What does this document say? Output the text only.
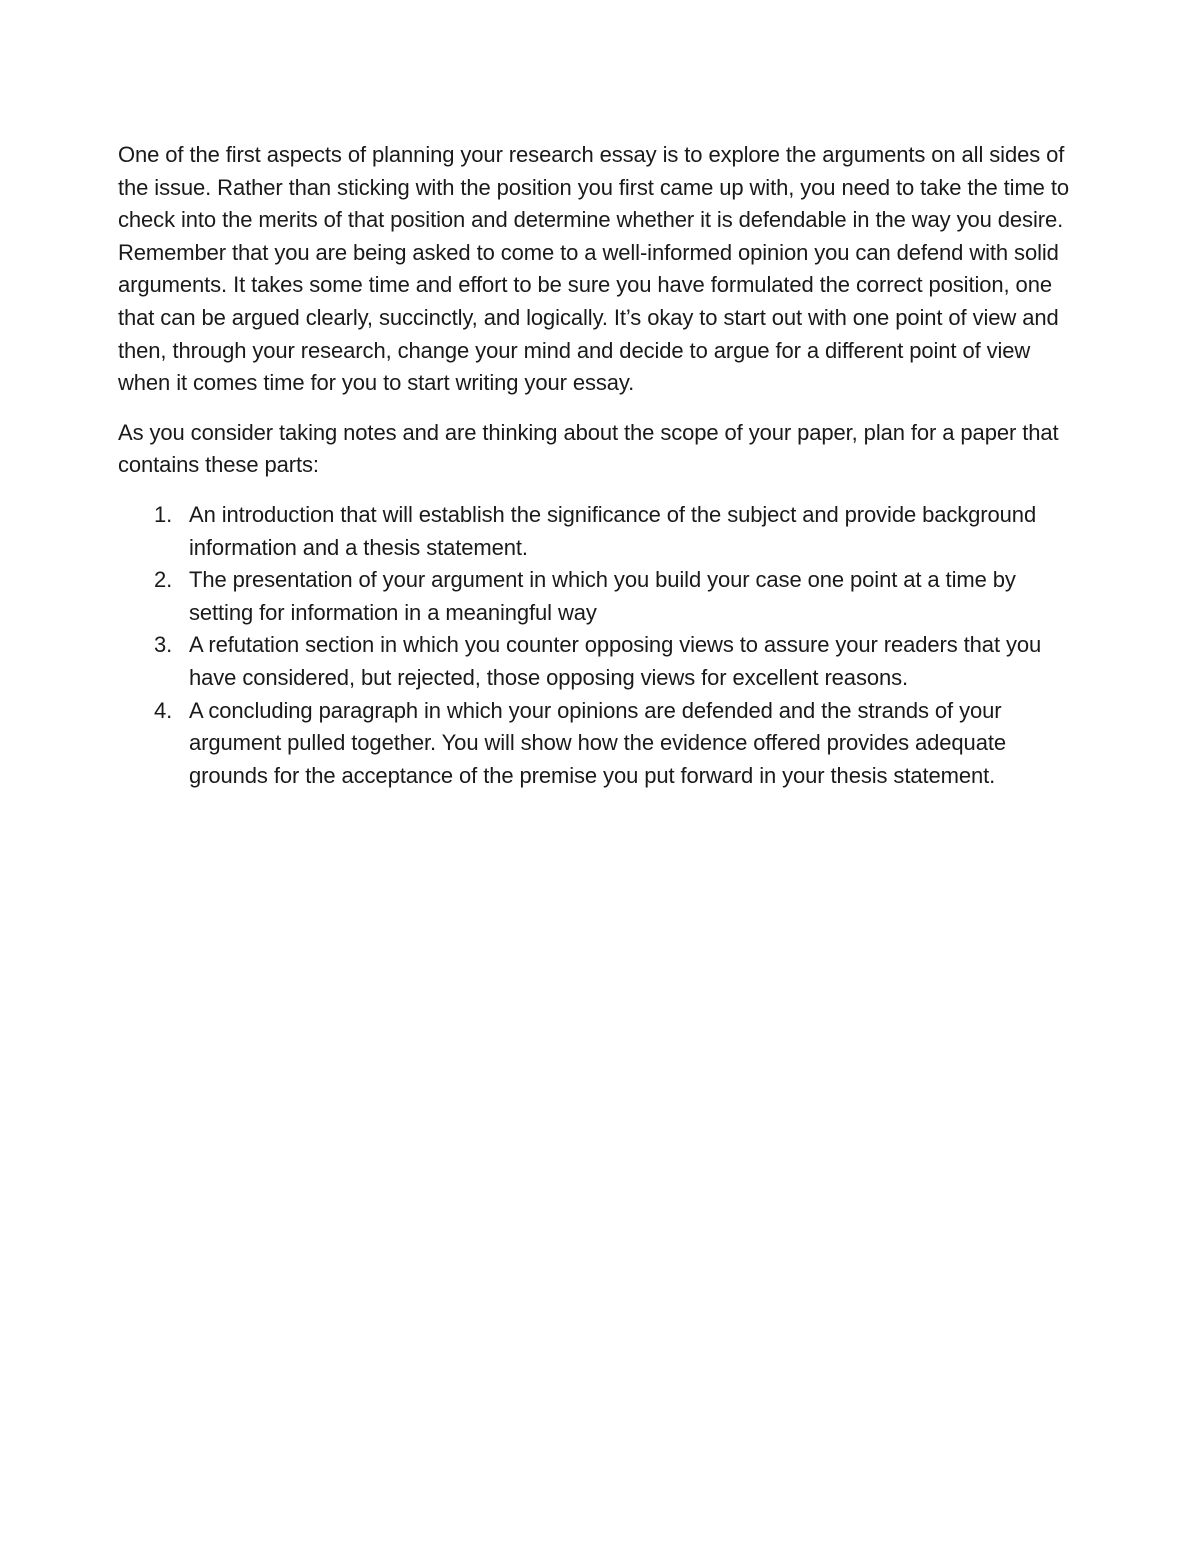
One of the first aspects of planning your research essay is to explore the arguments on all sides of the issue. Rather than sticking with the position you first came up with, you need to take the time to check into the merits of that position and determine whether it is defendable in the way you desire. Remember that you are being asked to come to a well-informed opinion you can defend with solid arguments. It takes some time and effort to be sure you have formulated the correct position, one that can be argued clearly, succinctly, and logically. It’s okay to start out with one point of view and then, through your research, change your mind and decide to argue for a different point of view when it comes time for you to start writing your essay.

As you consider taking notes and are thinking about the scope of your paper, plan for a paper that contains these parts:

1. An introduction that will establish the significance of the subject and provide background information and a thesis statement.
2. The presentation of your argument in which you build your case one point at a time by setting for information in a meaningful way
3. A refutation section in which you counter opposing views to assure your readers that you have considered, but rejected, those opposing views for excellent reasons.
4. A concluding paragraph in which your opinions are defended and the strands of your argument pulled together. You will show how the evidence offered provides adequate grounds for the acceptance of the premise you put forward in your thesis statement.
